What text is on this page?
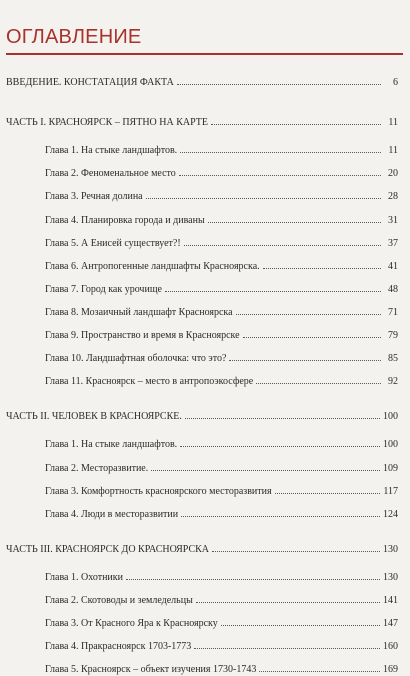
ОГЛАВЛЕНИЕ
ВВЕДЕНИЕ. КОНСТАТАЦИЯ ФАКТА	6
ЧАСТЬ I. КРАСНОЯРСК – ПЯТНО НА КАРТЕ	11
Глава 1. На стыке ландшафтов.	11
Глава 2. Феноменальное место	20
Глава 3. Речная долина	28
Глава 4. Планировка города и диваны	31
Глава 5. А Енисей существует?!	37
Глава 6. Антропогенные ландшафты Красноярска.	41
Глава 7. Город как урочище	48
Глава 8. Мозаичный ландшафт Красноярска	71
Глава 9. Пространство и время в Красноярске	79
Глава 10. Ландшафтная оболочка: что это?	85
Глава 11. Красноярск – место в антропоэкосфере	92
ЧАСТЬ II. ЧЕЛОВЕК В КРАСНОЯРСКЕ.	100
Глава 1. На стыке ландшафтов.	100
Глава 2. Месторазвитие.	109
Глава 3. Комфортность красноярского месторазвития	117
Глава 4. Люди в месторазвитии	124
ЧАСТЬ III. КРАСНОЯРСК ДО КРАСНОЯРСКА	130
Глава 1. Охотники	130
Глава 2. Скотоводы и земледельцы	141
Глава 3. От Красного Яра к Красноярску	147
Глава 4. Пракрасноярск 1703-1773	160
Глава 5. Красноярск – объект изучения 1730-1743	169
